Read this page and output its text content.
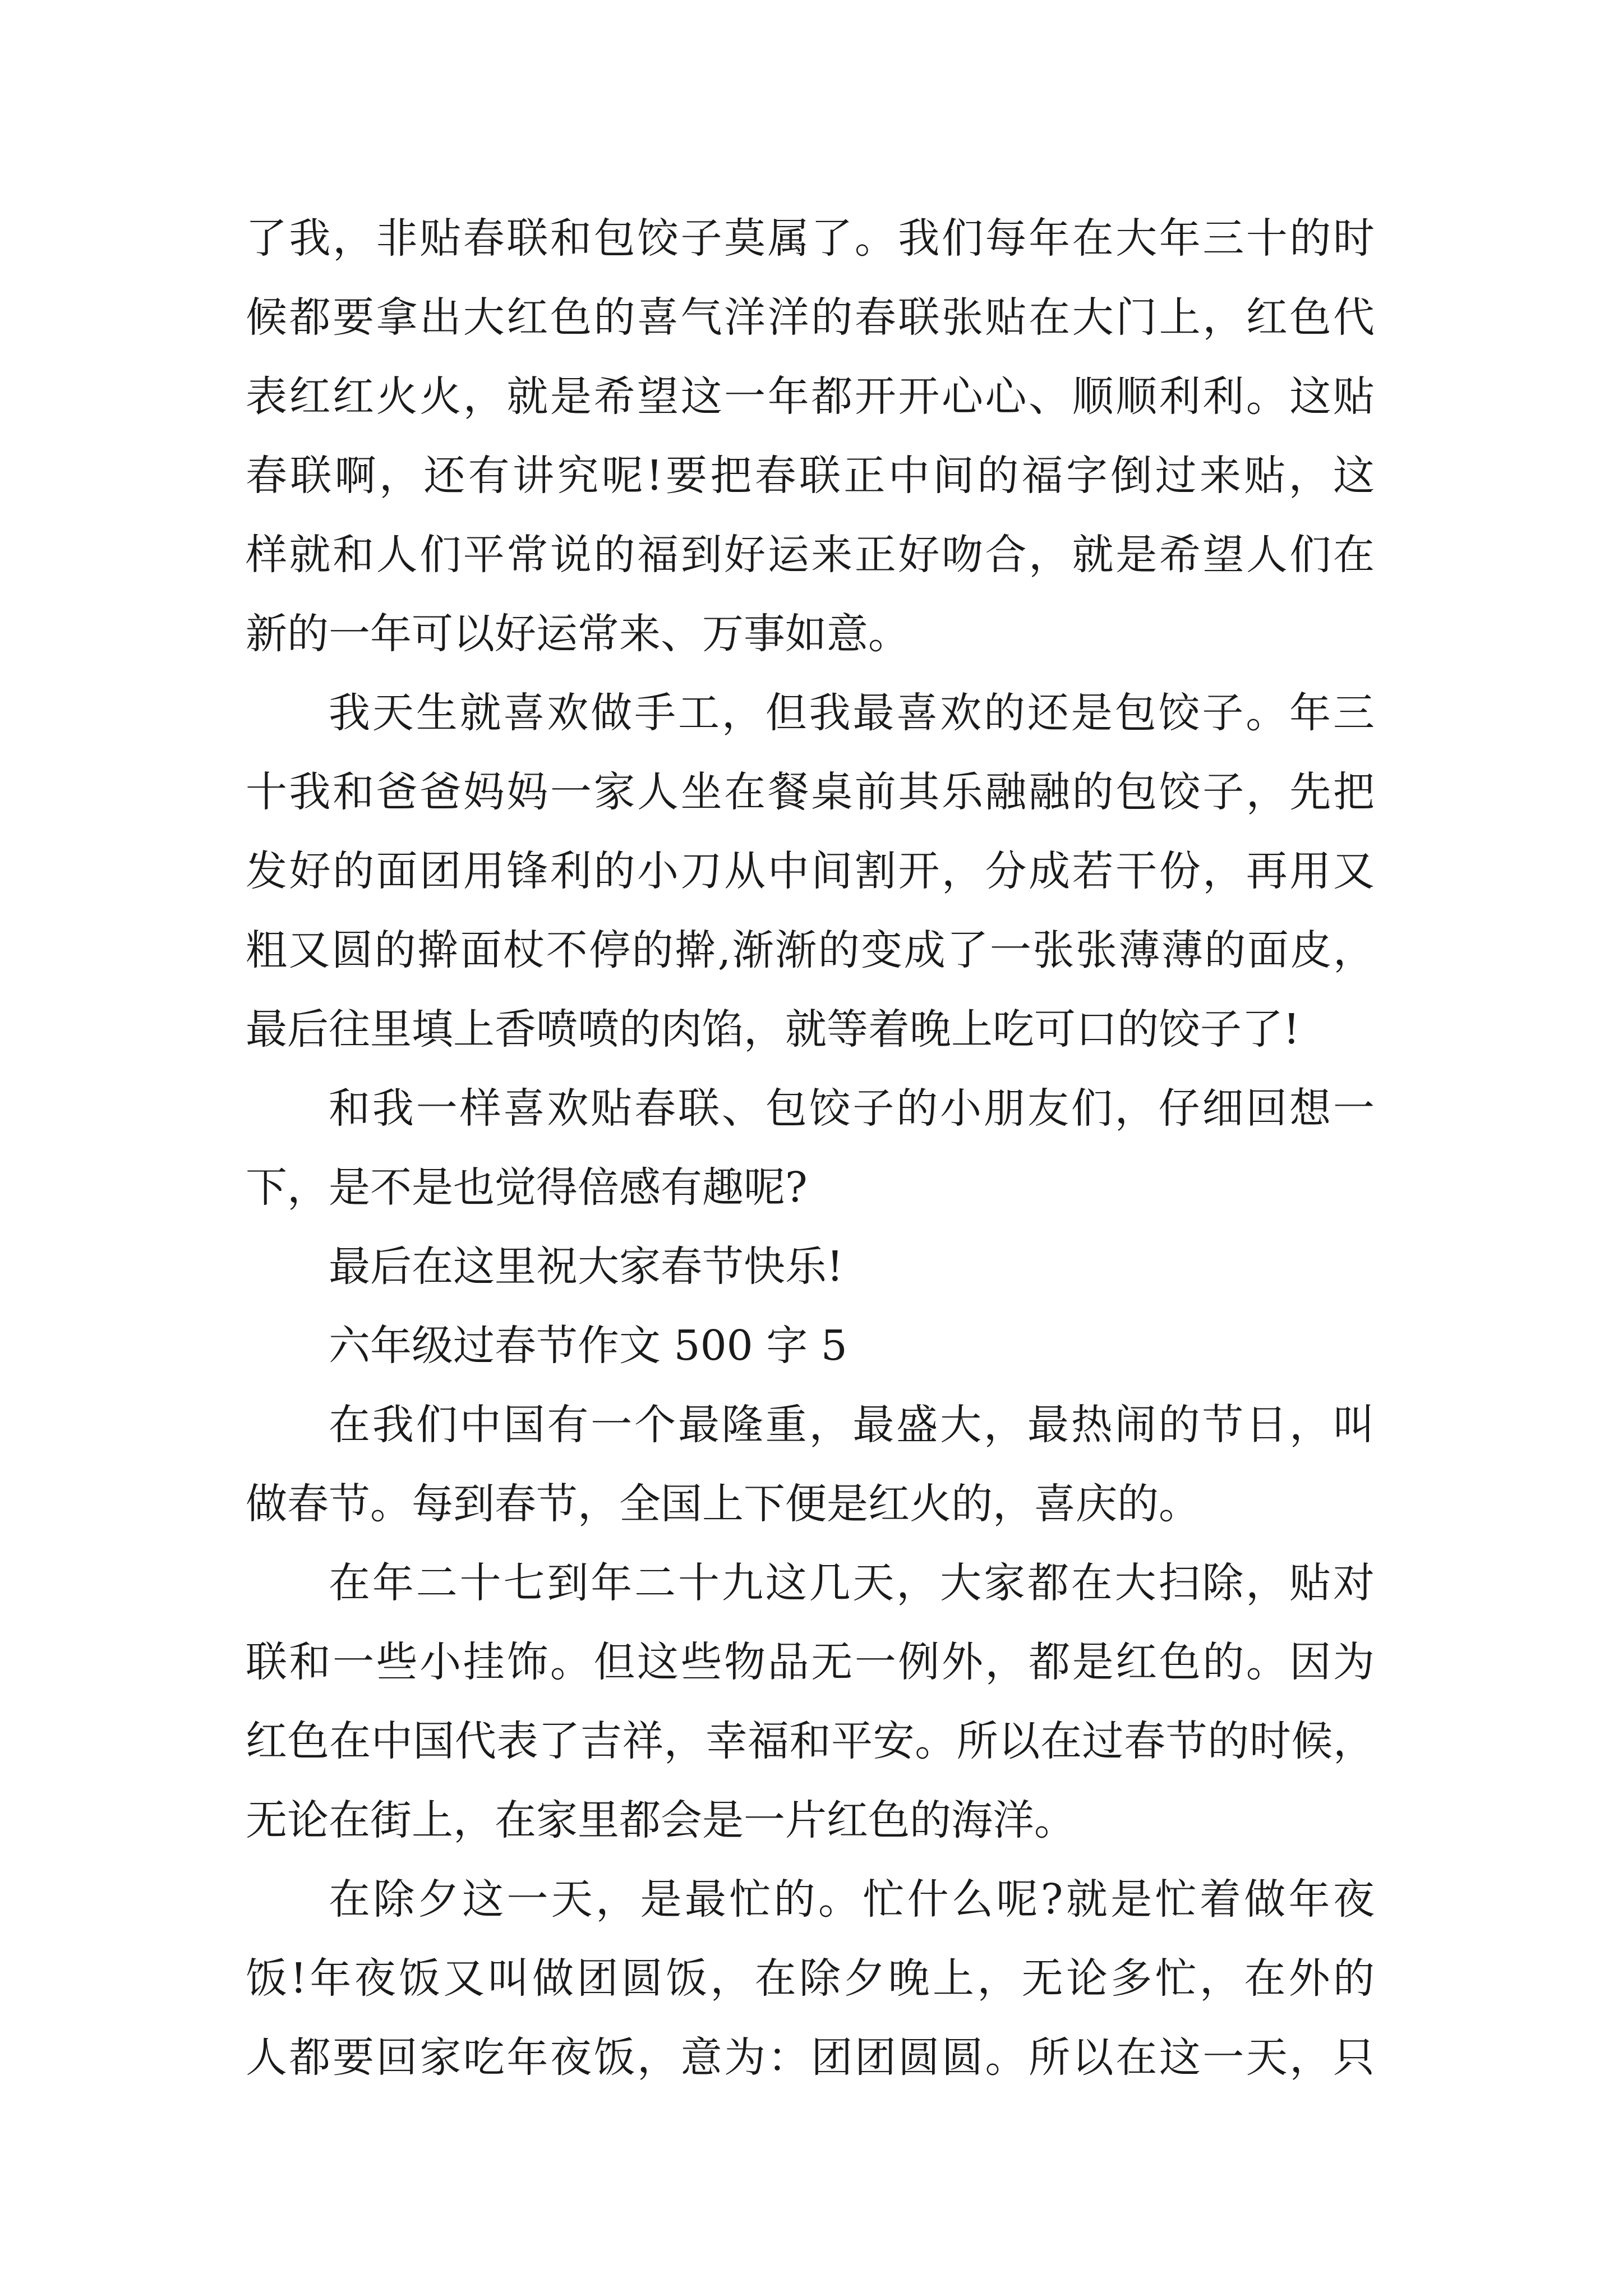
了我，非贴春联和包饺子莫属了。我们每年在大年三十的时
候都要拿出大红色的喜气洋洋的春联张贴在大门上，红色代
表红红火火，就是希望这一年都开开心心、顺顺利利。这贴
春联啊，还有讲究呢!要把春联正中间的福字倒过来贴，这
样就和人们平常说的福到好运来正好吻合，就是希望人们在
新的一年可以好运常来、万事如意。
我天生就喜欢做手工，但我最喜欢的还是包饺子。年三
十我和爸爸妈妈一家人坐在餐桌前其乐融融的包饺子，先把
发好的面团用锋利的小刀从中间割开，分成若干份，再用又
粗又圆的擀面杖不停的擀,渐渐的变成了一张张薄薄的面皮，
最后往里填上香喷喷的肉馅，就等着晚上吃可口的饺子了!
和我一样喜欢贴春联、包饺子的小朋友们，仔细回想一
下，是不是也觉得倍感有趣呢?
最后在这里祝大家春节快乐!
六年级过春节作文 500 字 5
在我们中国有一个最隆重，最盛大，最热闹的节日，叫
做春节。每到春节，全国上下便是红火的，喜庆的。
在年二十七到年二十九这几天，大家都在大扫除，贴对
联和一些小挂饰。但这些物品无一例外，都是红色的。因为
红色在中国代表了吉祥，幸福和平安。所以在过春节的时候，
无论在街上，在家里都会是一片红色的海洋。
在除夕这一天，是最忙的。忙什么呢?就是忙着做年夜
饭!年夜饭又叫做团圆饭，在除夕晚上，无论多忙，在外的
人都要回家吃年夜饭，意为：团团圆圆。所以在这一天，只
